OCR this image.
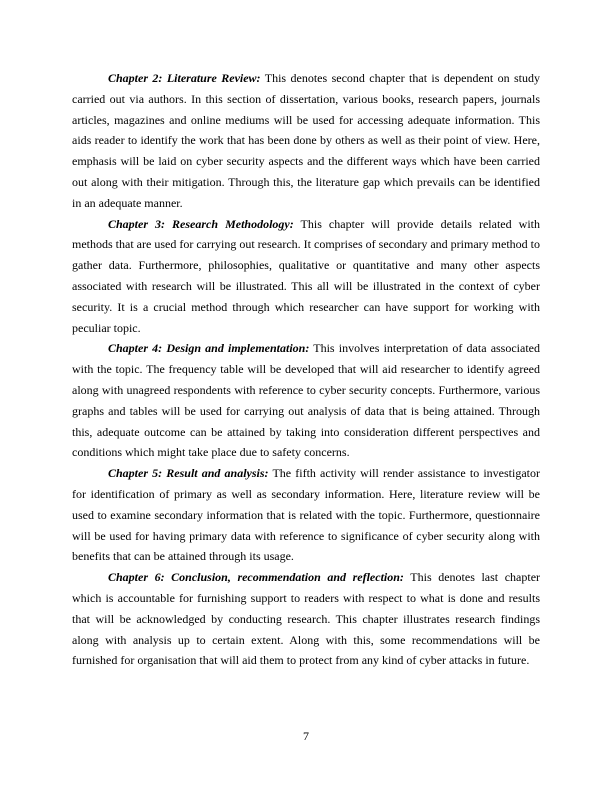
Chapter 2: Literature Review: This denotes second chapter that is dependent on study carried out via authors. In this section of dissertation, various books, research papers, journals articles, magazines and online mediums will be used for accessing adequate information. This aids reader to identify the work that has been done by others as well as their point of view. Here, emphasis will be laid on cyber security aspects and the different ways which have been carried out along with their mitigation. Through this, the literature gap which prevails can be identified in an adequate manner.

Chapter 3: Research Methodology: This chapter will provide details related with methods that are used for carrying out research. It comprises of secondary and primary method to gather data. Furthermore, philosophies, qualitative or quantitative and many other aspects associated with research will be illustrated. This all will be illustrated in the context of cyber security. It is a crucial method through which researcher can have support for working with peculiar topic.

Chapter 4: Design and implementation: This involves interpretation of data associated with the topic. The frequency table will be developed that will aid researcher to identify agreed along with unagreed respondents with reference to cyber security concepts. Furthermore, various graphs and tables will be used for carrying out analysis of data that is being attained. Through this, adequate outcome can be attained by taking into consideration different perspectives and conditions which might take place due to safety concerns.

Chapter 5: Result and analysis: The fifth activity will render assistance to investigator for identification of primary as well as secondary information. Here, literature review will be used to examine secondary information that is related with the topic. Furthermore, questionnaire will be used for having primary data with reference to significance of cyber security along with benefits that can be attained through its usage.

Chapter 6: Conclusion, recommendation and reflection: This denotes last chapter which is accountable for furnishing support to readers with respect to what is done and results that will be acknowledged by conducting research. This chapter illustrates research findings along with analysis up to certain extent. Along with this, some recommendations will be furnished for organisation that will aid them to protect from any kind of cyber attacks in future.

7
